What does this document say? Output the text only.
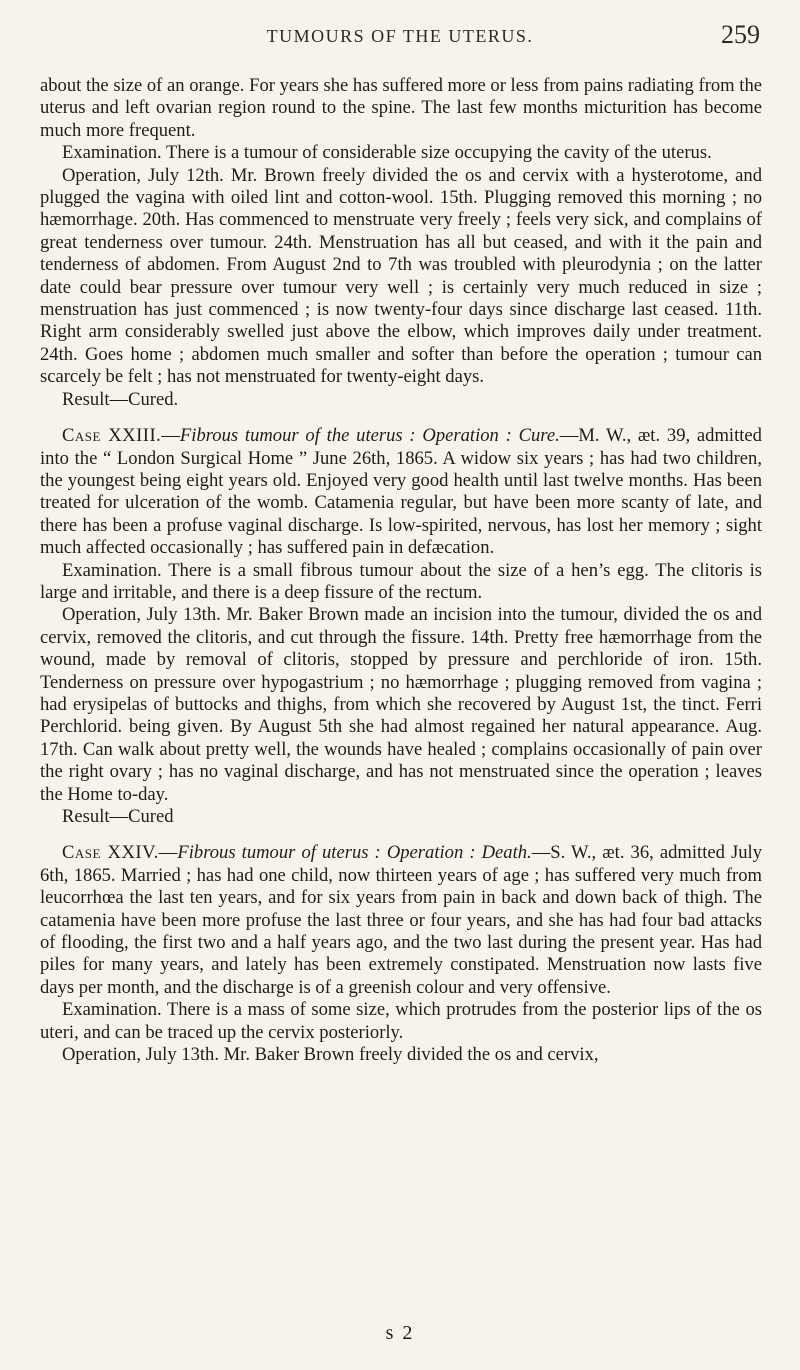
TUMOURS OF THE UTERUS.	259

about the size of an orange. For years she has suffered more or less from pains radiating from the uterus and left ovarian region round to the spine. The last few months micturition has become much more frequent.

Examination. There is a tumour of considerable size occupying the cavity of the uterus.

Operation, July 12th. Mr. Brown freely divided the os and cervix with a hysterotome, and plugged the vagina with oiled lint and cotton-wool. 15th. Plugging removed this morning ; no hæmorrhage. 20th. Has commenced to menstruate very freely ; feels very sick, and complains of great tenderness over tumour. 24th. Menstruation has all but ceased, and with it the pain and tenderness of abdomen. From August 2nd to 7th was troubled with pleurodynia ; on the latter date could bear pressure over tumour very well ; is certainly very much reduced in size ; menstruation has just commenced ; is now twenty-four days since discharge last ceased. 11th. Right arm considerably swelled just above the elbow, which improves daily under treatment. 24th. Goes home ; abdomen much smaller and softer than before the operation ; tumour can scarcely be felt ; has not menstruated for twenty-eight days.

Result—Cured.

Case XXIII.—Fibrous tumour of the uterus : Operation : Cure.—M. W., æt. 39, admitted into the “ London Surgical Home ” June 26th, 1865. A widow six years ; has had two children, the youngest being eight years old. Enjoyed very good health until last twelve months. Has been treated for ulceration of the womb. Catamenia regular, but have been more scanty of late, and there has been a profuse vaginal discharge. Is low-spirited, nervous, has lost her memory ; sight much affected occasionally ; has suffered pain in defæcation.

Examination. There is a small fibrous tumour about the size of a hen’s egg. The clitoris is large and irritable, and there is a deep fissure of the rectum.

Operation, July 13th. Mr. Baker Brown made an incision into the tumour, divided the os and cervix, removed the clitoris, and cut through the fissure. 14th. Pretty free hæmorrhage from the wound, made by removal of clitoris, stopped by pressure and perchloride of iron. 15th. Tenderness on pressure over hypogastrium ; no hæmorrhage ; plugging removed from vagina ; had erysipelas of buttocks and thighs, from which she recovered by August 1st, the tinct. Ferri Perchlorid. being given. By August 5th she had almost regained her natural appearance. Aug. 17th. Can walk about pretty well, the wounds have healed ; complains occasionally of pain over the right ovary ; has no vaginal discharge, and has not menstruated since the operation ; leaves the Home to-day.

Result—Cured

Case XXIV.—Fibrous tumour of uterus : Operation : Death.—S. W., æt. 36, admitted July 6th, 1865. Married ; has had one child, now thirteen years of age ; has suffered very much from leucorrhœa the last ten years, and for six years from pain in back and down back of thigh. The catamenia have been more profuse the last three or four years, and she has had four bad attacks of flooding, the first two and a half years ago, and the two last during the present year. Has had piles for many years, and lately has been extremely constipated. Menstruation now lasts five days per month, and the discharge is of a greenish colour and very offensive.

Examination. There is a mass of some size, which protrudes from the posterior lips of the os uteri, and can be traced up the cervix posteriorly.

Operation, July 13th. Mr. Baker Brown freely divided the os and cervix,

s 2
